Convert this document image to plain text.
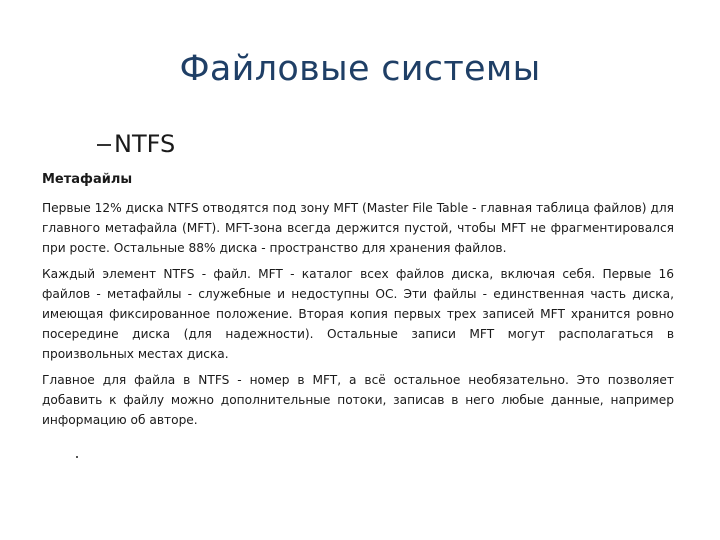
Файловые системы
NTFS
Метафайлы

Первые 12% диска NTFS отводятся под зону MFT (Master File Table - главная таблица файлов) для главного метафайла (MFT). MFT-зона всегда держится пустой, чтобы MFT не фрагментировался при росте. Остальные 88% диска - пространство для хранения файлов.

Каждый элемент NTFS - файл. MFT - каталог всех файлов диска, включая себя. Первые 16 файлов - метафайлы - служебные и недоступны ОС. Эти файлы - единственная часть диска, имеющая фиксированное положение. Вторая копия первых трех записей MFT хранится ровно посередине диска (для надежности). Остальные записи MFT могут располагаться в произвольных местах диска.

Главное для файла в NTFS - номер в MFT, а всё остальное необязательно. Это позволяет добавить к файлу можно дополнительные потоки, записав в него любые данные, например информацию об авторе.
